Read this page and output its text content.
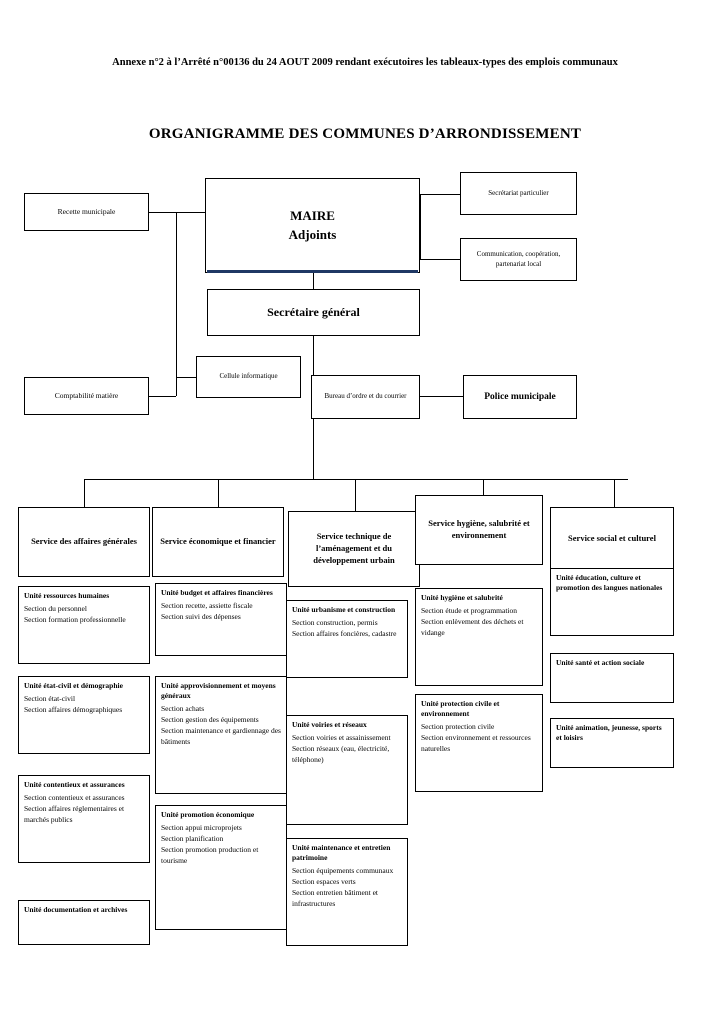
Annexe n°2 à l’Arrêté n°00136 du 24 AOUT 2009 rendant exécutoires les tableaux-types des emplois communaux
ORGANIGRAMME DES COMMUNES D’ARRONDISSEMENT
MAIRE
Adjoints
Recette municipale
Secrétariat particulier
Communication, coopération, partenariat local
Secrétaire général
Cellule informatique
Comptabilité matière	Bureau d’ordre et du courrier	Police municipale
Service des affaires générales	Service économique et financier	Service technique de l’aménagement et du développement urbain
Service hygiène, salubrité et environnement	Service social et culturel
Unité ressources humaines
Section du personnel
Section formation professionnelle
Unité état-civil et démographie
Section état-civil
Section affaires démographiques
Unité contentieux et assurances
Section contentieux et assurances
Section affaires réglementaires et marchés publics
Unité documentation et archives
Unité budget et affaires financières
Section recette, assiette fiscale
Section suivi des dépenses
Unité approvisionnement et moyens généraux
Section achats
Section gestion des équipements
Section maintenance et gardiennage des bâtiments
Unité promotion économique
Section appui microprojets
Section planification
Section promotion production et tourisme
Unité urbanisme et construction
Section construction, permis
Section affaires foncières, cadastre
Unité voiries et réseaux
Section voiries et assainissement
Section réseaux (eau, électricité, téléphone)
Unité maintenance et entretien patrimoine
Section équipements communaux
Section espaces verts
Section entretien bâtiment et infrastructures
Unité hygiène et salubrité
Section étude et programmation
Section enlèvement des déchets et vidange
Unité protection civile et environnement
Section protection civile
Section environnement et ressources naturelles
Unité éducation, culture et promotion des langues nationales
Unité santé et action sociale
Unité animation, jeunesse, sports et loisirs
